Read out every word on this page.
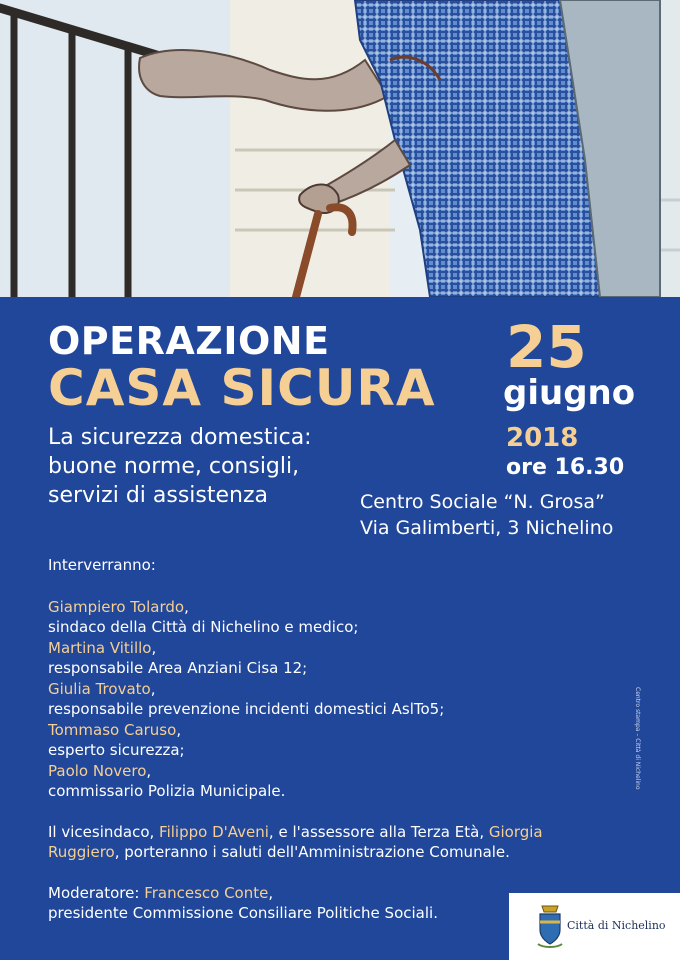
OPERAZIONE
CASA SICURA
La sicurezza domestica:
buone norme, consigli,
servizi di assistenza
25
giugno
2018
ore 16.30
Centro Sociale “N. Grosa”
Via Galimberti, 3 Nichelino

Interverranno:

Giampiero Tolardo,

sindaco della Città di Nichelino e medico;

Martina Vitillo,

responsabile Area Anziani Cisa 12;

Giulia Trovato,

responsabile prevenzione incidenti domestici AslTo5;

Tommaso Caruso,

esperto sicurezza;

Paolo Novero,

commissario Polizia Municipale.

Il vicesindaco, Filippo D'Aveni, e l'assessore alla Terza Età, Giorgia

Ruggiero, porteranno i saluti dell'Amministrazione Comunale.

Moderatore: Francesco Conte,

presidente Commissione Consiliare Politiche Sociali.

Centro stampa – Città di Nichelino
Città di Nichelino
